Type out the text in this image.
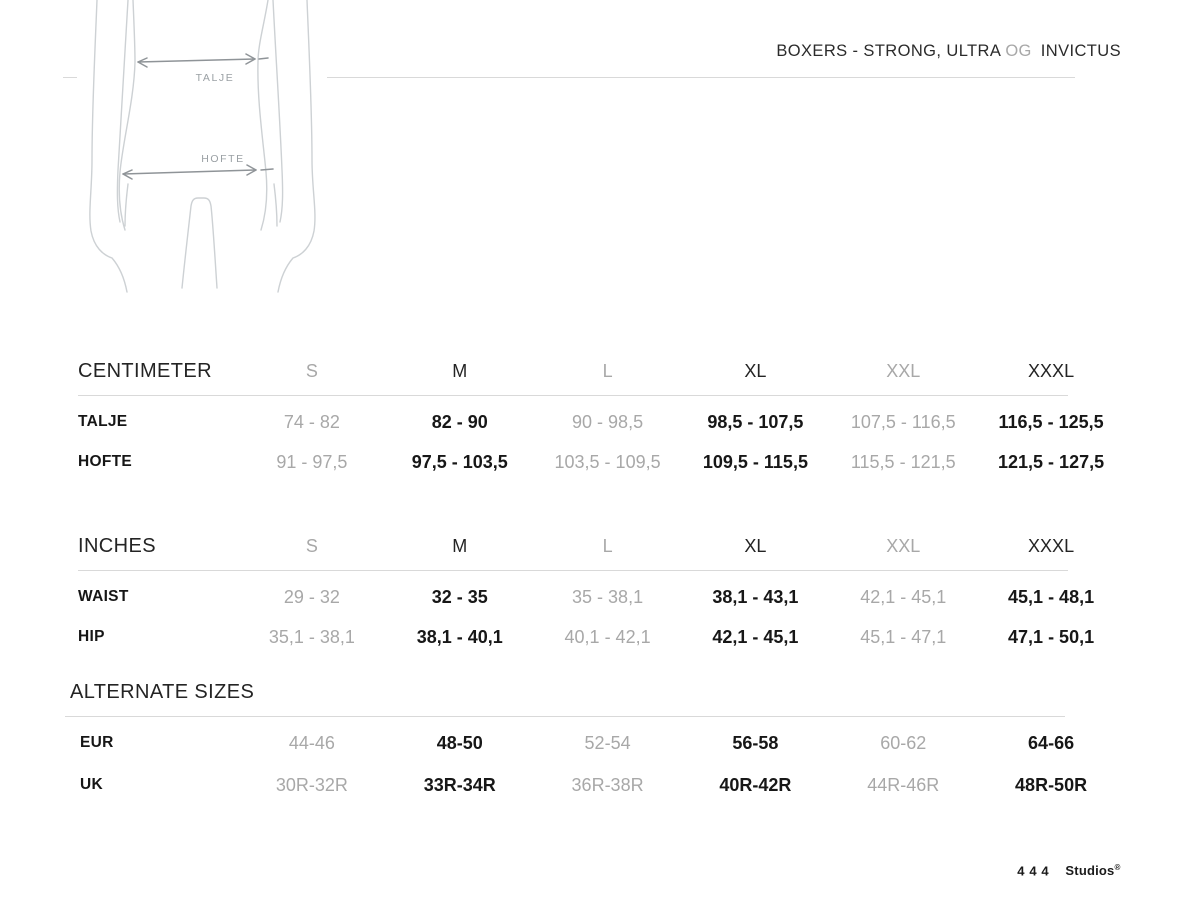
TALJE
HOFTE
BOXERS - STRONG, ULTRA OG INVICTUS
CENTIMETER	S	M	L	XL	XXL	XXXL
TALJE	74 - 82	82 - 90	90 - 98,5	98,5 - 107,5	107,5 - 116,5	116,5 - 125,5
HOFTE	91 - 97,5	97,5 - 103,5	103,5 - 109,5	109,5 - 115,5	115,5 - 121,5	121,5 - 127,5
INCHES	S	M	L	XL	XXL	XXXL
WAIST	29 - 32	32 - 35	35 - 38,1	38,1 - 43,1	42,1 - 45,1	45,1 - 48,1
HIP	35,1 - 38,1	38,1 - 40,1	40,1 - 42,1	42,1 - 45,1	45,1 - 47,1	47,1 - 50,1
ALTERNATE SIZES
EUR	44-46	48-50	52-54	56-58	60-62	64-66
UK	30R-32R	33R-34R	36R-38R	40R-42R	44R-46R	48R-50R
4 4 4 Studios®
